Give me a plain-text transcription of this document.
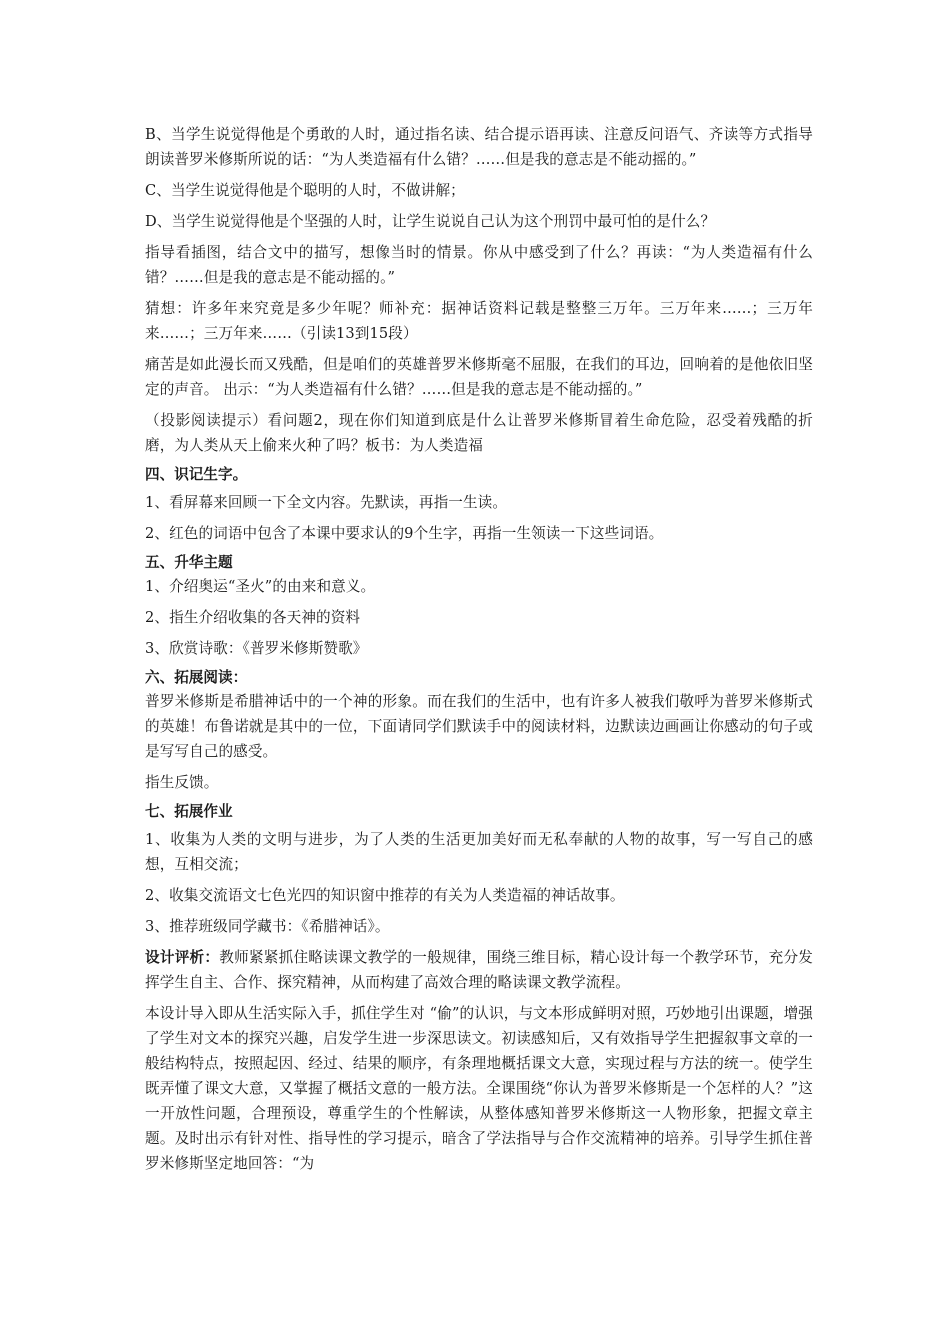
B、当学生说觉得他是个勇敢的人时，通过指名读、结合提示语再读、注意反问语气、齐读等方式指导朗读普罗米修斯所说的话：“为人类造福有什么错？……但是我的意志是不能动摇的。”

C、当学生说觉得他是个聪明的人时，不做讲解；

D、当学生说觉得他是个坚强的人时，让学生说说自己认为这个刑罚中最可怕的是什么？

指导看插图，结合文中的描写，想像当时的情景。你从中感受到了什么？再读：“为人类造福有什么错？……但是我的意志是不能动摇的。”

猜想：许多年来究竟是多少年呢？师补充：据神话资料记载是整整三万年。三万年来……；三万年来……；三万年来……（引读13到15段）

痛苦是如此漫长而又残酷，但是咱们的英雄普罗米修斯毫不屈服，在我们的耳边，回响着的是他依旧坚定的声音。 出示：“为人类造福有什么错？……但是我的意志是不能动摇的。”

（投影阅读提示）看问题2，现在你们知道到底是什么让普罗米修斯冒着生命危险，忍受着残酷的折磨，为人类从天上偷来火种了吗？板书：为人类造福

四、识记生字。

1、看屏幕来回顾一下全文内容。先默读，再指一生读。

2、红色的词语中包含了本课中要求认的9个生字，再指一生领读一下这些词语。

五、升华主题

1、介绍奥运“圣火”的由来和意义。

2、指生介绍收集的各天神的资料

3、欣赏诗歌：《普罗米修斯赞歌》

六、拓展阅读：

普罗米修斯是希腊神话中的一个神的形象。而在我们的生活中，也有许多人被我们敬呼为普罗米修斯式的英雄！布鲁诺就是其中的一位，下面请同学们默读手中的阅读材料，边默读边画画让你感动的句子或是写写自己的感受。

指生反馈。

七、拓展作业

1、收集为人类的文明与进步，为了人类的生活更加美好而无私奉献的人物的故事，写一写自己的感想，互相交流；

2、收集交流语文七色光四的知识窗中推荐的有关为人类造福的神话故事。

3、推荐班级同学藏书：《希腊神话》。

设计评析：教师紧紧抓住略读课文教学的一般规律，围绕三维目标，精心设计每一个教学环节，充分发挥学生自主、合作、探究精神，从而构建了高效合理的略读课文教学流程。

本设计导入即从生活实际入手，抓住学生对 “偷”的认识，与文本形成鲜明对照，巧妙地引出课题，增强了学生对文本的探究兴趣，启发学生进一步深思读文。初读感知后，又有效指导学生把握叙事文章的一般结构特点，按照起因、经过、结果的顺序，有条理地概括课文大意，实现过程与方法的统一。使学生既弄懂了课文大意，又掌握了概括文意的一般方法。全课围绕“你认为普罗米修斯是一个怎样的人？”这一开放性问题，合理预设，尊重学生的个性解读，从整体感知普罗米修斯这一人物形象，把握文章主题。及时出示有针对性、指导性的学习提示，暗含了学法指导与合作交流精神的培养。引导学生抓住普罗米修斯坚定地回答：“为
